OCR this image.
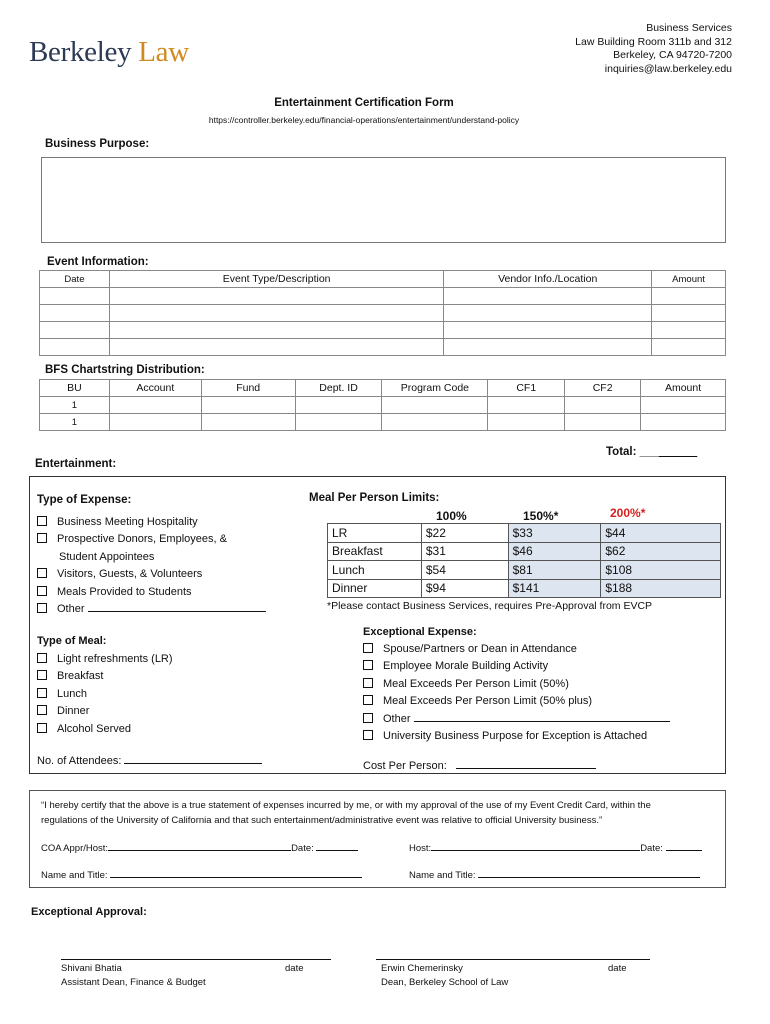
Berkeley Law
Business Services
Law Building Room 311b and 312
Berkeley, CA 94720-7200
inquiries@law.berkeley.edu
Entertainment Certification Form
https://controller.berkeley.edu/financial-operations/entertainment/understand-policy
Business Purpose:
Event Information:
Date	Event Type/Description	Vendor Info./Location	Amount

BFS Chartstring Distribution:
BU	Account	Fund	Dept. ID	Program Code	CF1	CF2	Amount
1							
1							
Total: _________
Entertainment:
Type of Expense:
Business Meeting Hospitality
Prospective Donors, Employees, &
Student Appointees
Visitors, Guests, & Volunteers
Meals Provided to Students
Other
Type of Meal:
Light refreshments (LR)
Breakfast
Lunch
Dinner
Alcohol Served
No. of Attendees:
Meal Per Person Limits:
100%	150%*	200%*
LR	$22	$33	$44
Breakfast	$31	$46	$62
Lunch	$54	$81	$108
Dinner	$94	$141	$188
*Please contact Business Services, requires Pre-Approval from EVCP
Exceptional Expense:
Spouse/Partners or Dean in Attendance
Employee Morale Building Activity
Meal Exceeds Per Person Limit (50%)
Meal Exceeds Per Person Limit (50% plus)
Other
University Business Purpose for Exception is Attached
Cost Per Person:
“I hereby certify that the above is a true statement of expenses incurred by me, or with my approval of the use of my Event Credit Card, within the
regulations of the University of California and that such entertainment/administrative event was relative to official University business.”
COA Appr/Host:	Date:	Host:	Date:
Name and Title:	Name and Title:
Exceptional Approval:
Shivani Bhatia
Assistant Dean, Finance & Budget
date	Erwin Chemerinsky
Dean, Berkeley School of Law
date
